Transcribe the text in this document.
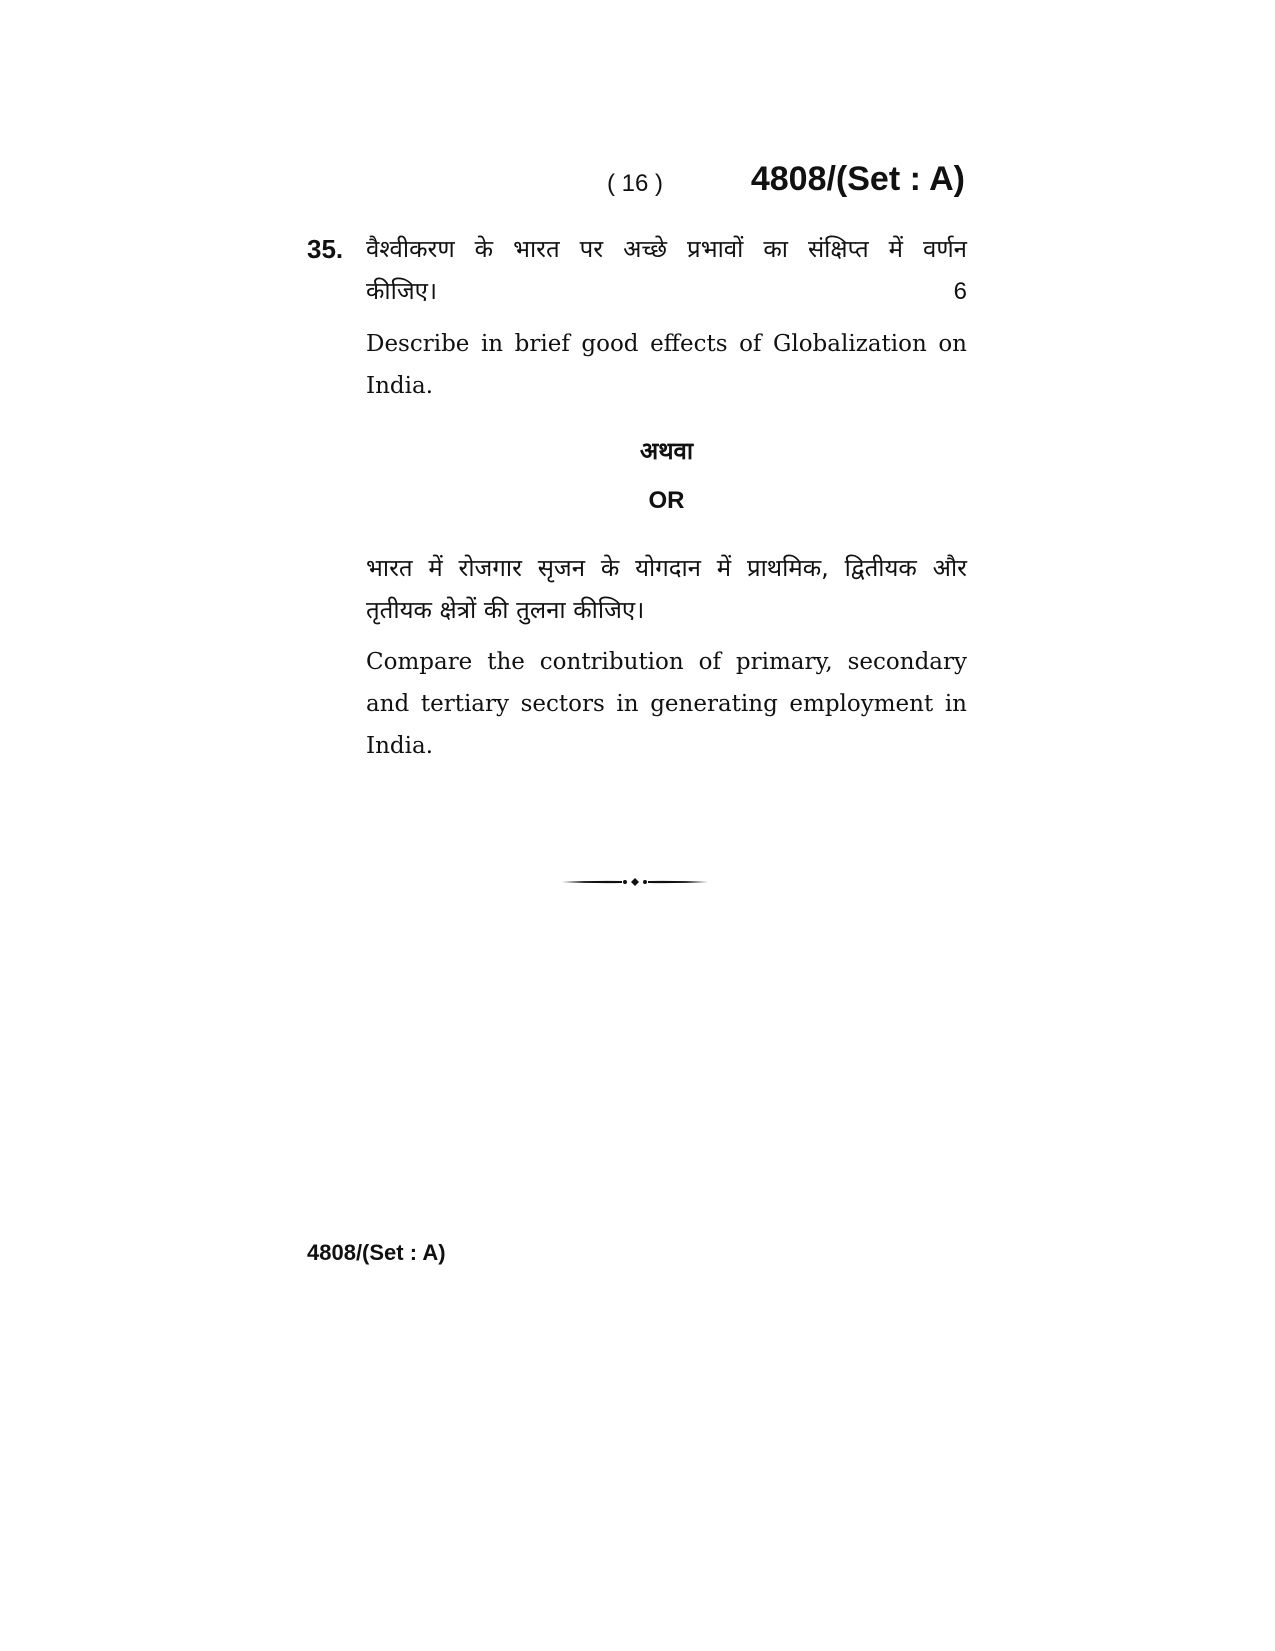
( 16 )	4808/(Set : A)
35. वैश्वीकरण के भारत पर अच्छे प्रभावों का संक्षिप्त में वर्णन

कीजिए।	6

Describe in brief good effects of Globalization on India.

अथवा
OR

भारत में रोजगार सृजन के योगदान में प्राथमिक, द्वितीयक और तृतीयक क्षेत्रों की तुलना कीजिए।

Compare the contribution of primary, secondary and tertiary sectors in generating employment in India.

4808/(Set : A)
